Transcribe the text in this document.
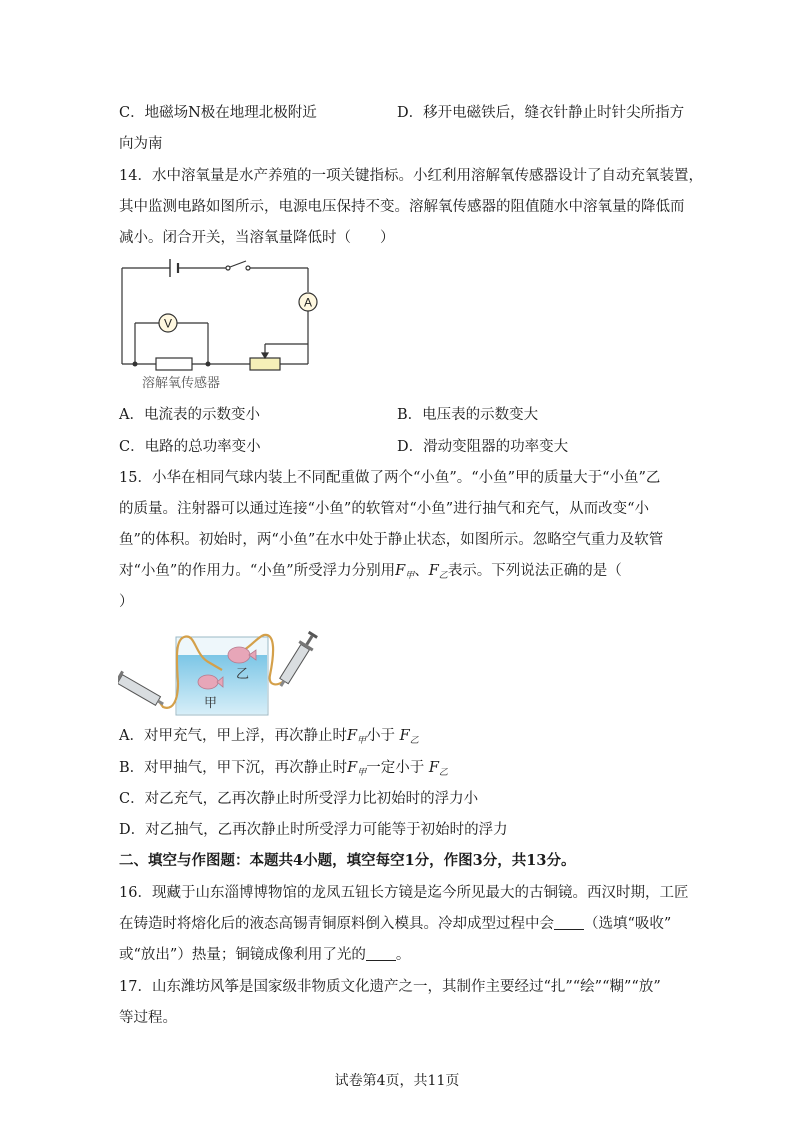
C．地磁场N极在地理北极附近	D．移开电磁铁后，缝衣针静止时针尖所指方
向为南
14．水中溶氧量是水产养殖的一项关键指标。小红利用溶解氧传感器设计了自动充氧装置，
其中监测电路如图所示，电源电压保持不变。溶解氧传感器的阻值随水中溶氧量的降低而
减小。闭合开关，当溶氧量降低时（　　）
V
A
溶解氧传感器
A．电流表的示数变小	B．电压表的示数变大
C．电路的总功率变小	D．滑动变阻器的功率变大
15．小华在相同气球内装上不同配重做了两个“小鱼”。“小鱼”甲的质量大于“小鱼”乙
的质量。注射器可以通过连接“小鱼”的软管对“小鱼”进行抽气和充气，从而改变“小
鱼”的体积。初始时，两“小鱼”在水中处于静止状态，如图所示。忽略空气重力及软管
对“小鱼”的作用力。“小鱼”所受浮力分别用$F_甲$、$F_乙$表示。下列说法正确的是（
）
乙
甲
A．对甲充气，甲上浮，再次静止时$F_甲$小于 $F_乙$
B．对甲抽气，甲下沉，再次静止时$F_甲$一定小于 $F_乙$
C．对乙充气，乙再次静止时所受浮力比初始时的浮力小
D．对乙抽气，乙再次静止时所受浮力可能等于初始时的浮力
二、填空与作图题：本题共4小题，填空每空1分，作图3分，共13分。
16．现藏于山东淄博博物馆的龙凤五钮长方镜是迄今所见最大的古铜镜。西汉时期，工匠
在铸造时将熔化后的液态高锡青铜原料倒入模具。冷却成型过程中会 （选填“吸收”
或“放出”）热量；铜镜成像利用了光的 。
17．山东潍坊风筝是国家级非物质文化遗产之一，其制作主要经过“扎”“绘”“糊”“放”
等过程。
试卷第4页，共11页
